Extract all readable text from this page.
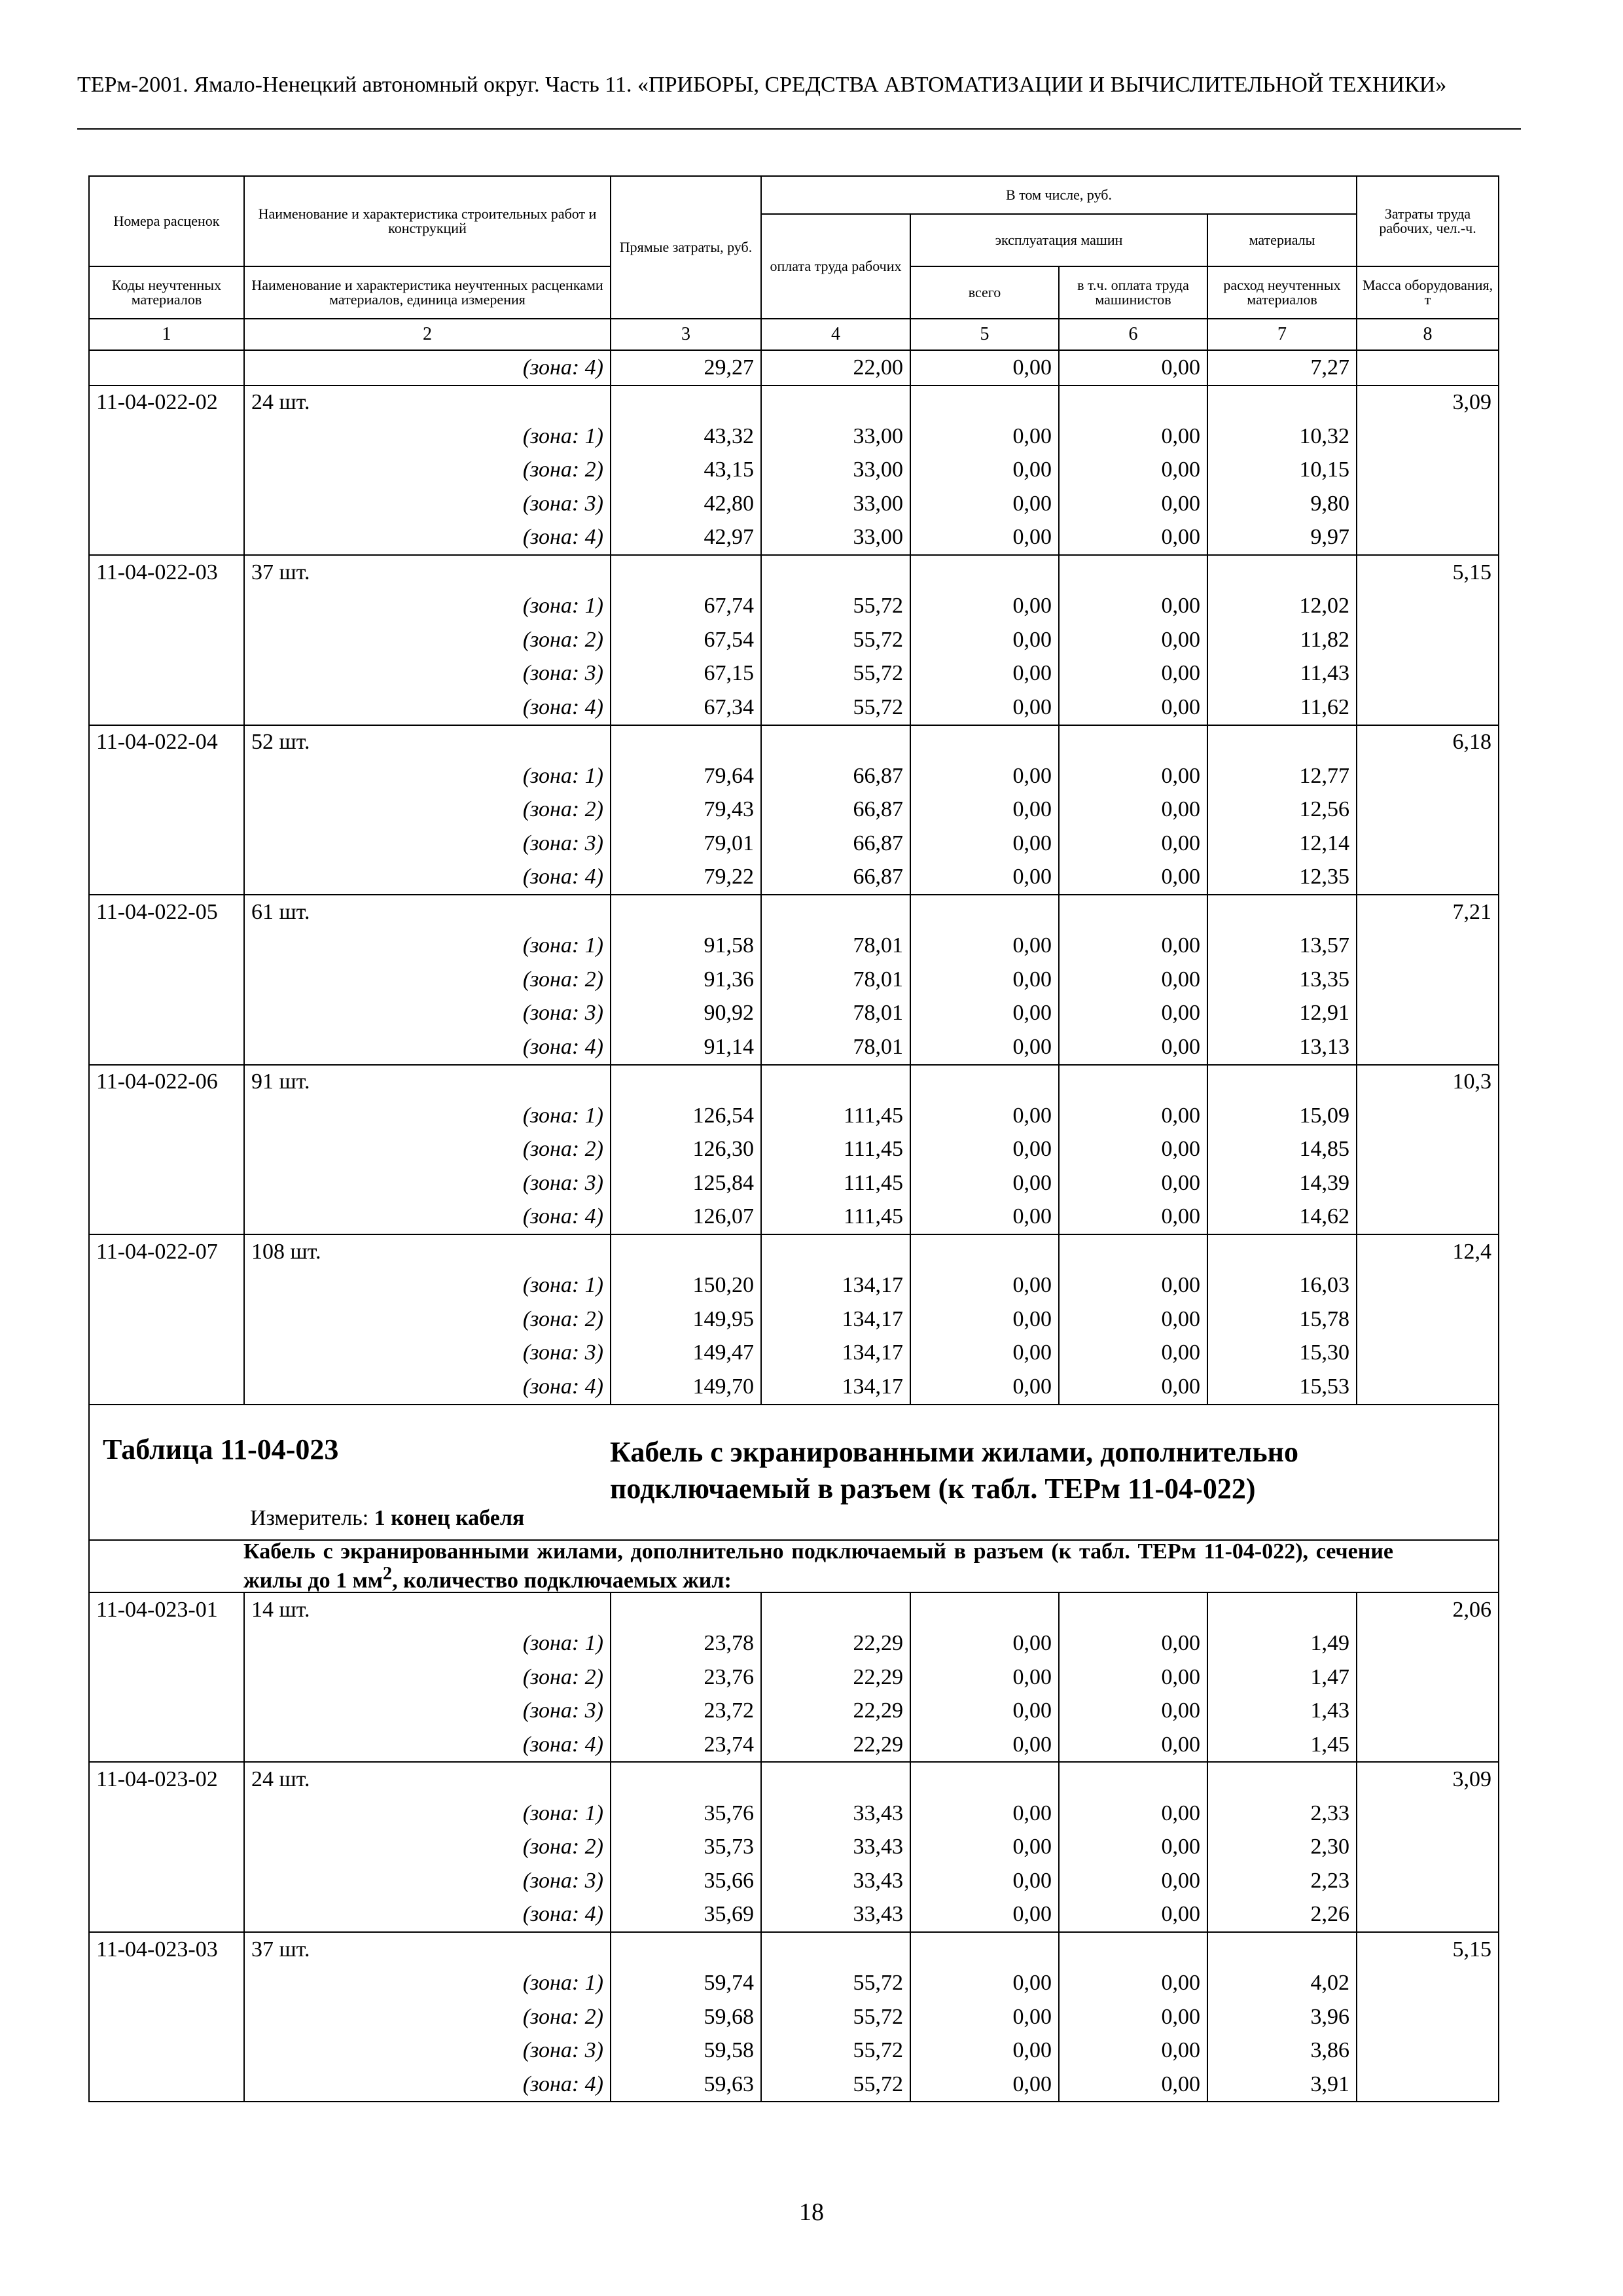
ТЕРм-2001. Ямало-Ненецкий автономный округ. Часть 11. «ПРИБОРЫ, СРЕДСТВА АВТОМАТИЗАЦИИ И ВЫЧИСЛИТЕЛЬНОЙ ТЕХНИКИ»
Номера расценок	Наименование и характеристика строительных работ и конструкций	Прямые затраты, руб.	В том числе, руб.				Затраты труда рабочих, чел.-ч.
			оплата труда рабочих	эксплуатация машин		материалы	
Коды неучтенных материалов	Наименование и характеристика неучтенных расценками материалов, единица измерения			всего	в т.ч. оплата труда машинистов	расход неучтенных материалов	Масса оборудования, т
1	2	3	4	5	6	7	8
	(зона: 4)	29,27	22,00	0,00	0,00	7,27	
11-04-022-02	24 шт.						3,09
	(зона: 1)	43,32	33,00	0,00	0,00	10,32	
	(зона: 2)	43,15	33,00	0,00	0,00	10,15	
	(зона: 3)	42,80	33,00	0,00	0,00	9,80	
	(зона: 4)	42,97	33,00	0,00	0,00	9,97	
11-04-022-03	37 шт.						5,15
	(зона: 1)	67,74	55,72	0,00	0,00	12,02	
	(зона: 2)	67,54	55,72	0,00	0,00	11,82	
	(зона: 3)	67,15	55,72	0,00	0,00	11,43	
	(зона: 4)	67,34	55,72	0,00	0,00	11,62	
11-04-022-04	52 шт.						6,18
	(зона: 1)	79,64	66,87	0,00	0,00	12,77	
	(зона: 2)	79,43	66,87	0,00	0,00	12,56	
	(зона: 3)	79,01	66,87	0,00	0,00	12,14	
	(зона: 4)	79,22	66,87	0,00	0,00	12,35	
11-04-022-05	61 шт.						7,21
	(зона: 1)	91,58	78,01	0,00	0,00	13,57	
	(зона: 2)	91,36	78,01	0,00	0,00	13,35	
	(зона: 3)	90,92	78,01	0,00	0,00	12,91	
	(зона: 4)	91,14	78,01	0,00	0,00	13,13	
11-04-022-06	91 шт.						10,3
	(зона: 1)	126,54	111,45	0,00	0,00	15,09	
	(зона: 2)	126,30	111,45	0,00	0,00	14,85	
	(зона: 3)	125,84	111,45	0,00	0,00	14,39	
	(зона: 4)	126,07	111,45	0,00	0,00	14,62	
11-04-022-07	108 шт.						12,4
	(зона: 1)	150,20	134,17	0,00	0,00	16,03	
	(зона: 2)	149,95	134,17	0,00	0,00	15,78	
	(зона: 3)	149,47	134,17	0,00	0,00	15,30	
	(зона: 4)	149,70	134,17	0,00	0,00	15,53	

Таблица 11-04-023 Кабель с экранированными жилами, дополнительно подключаемый в разъем (к табл. ТЕРм 11-04-022)
Измеритель: 1 конец кабеля							

Кабель с экранированными жилами, дополнительно подключаемый в разъем (к табл. ТЕРм 11-04-022), сечение жилы до 1 $мм^2$, количество подключаемых жил:							
11-04-023-01	14 шт.						2,06
	(зона: 1)	23,78	22,29	0,00	0,00	1,49	
	(зона: 2)	23,76	22,29	0,00	0,00	1,47	
	(зона: 3)	23,72	22,29	0,00	0,00	1,43	
	(зона: 4)	23,74	22,29	0,00	0,00	1,45	
11-04-023-02	24 шт.						3,09
	(зона: 1)	35,76	33,43	0,00	0,00	2,33	
	(зона: 2)	35,73	33,43	0,00	0,00	2,30	
	(зона: 3)	35,66	33,43	0,00	0,00	2,23	
	(зона: 4)	35,69	33,43	0,00	0,00	2,26	
11-04-023-03	37 шт.						5,15
	(зона: 1)	59,74	55,72	0,00	0,00	4,02	
	(зона: 2)	59,68	55,72	0,00	0,00	3,96	
	(зона: 3)	59,58	55,72	0,00	0,00	3,86	
	(зона: 4)	59,63	55,72	0,00	0,00	3,91	
18
